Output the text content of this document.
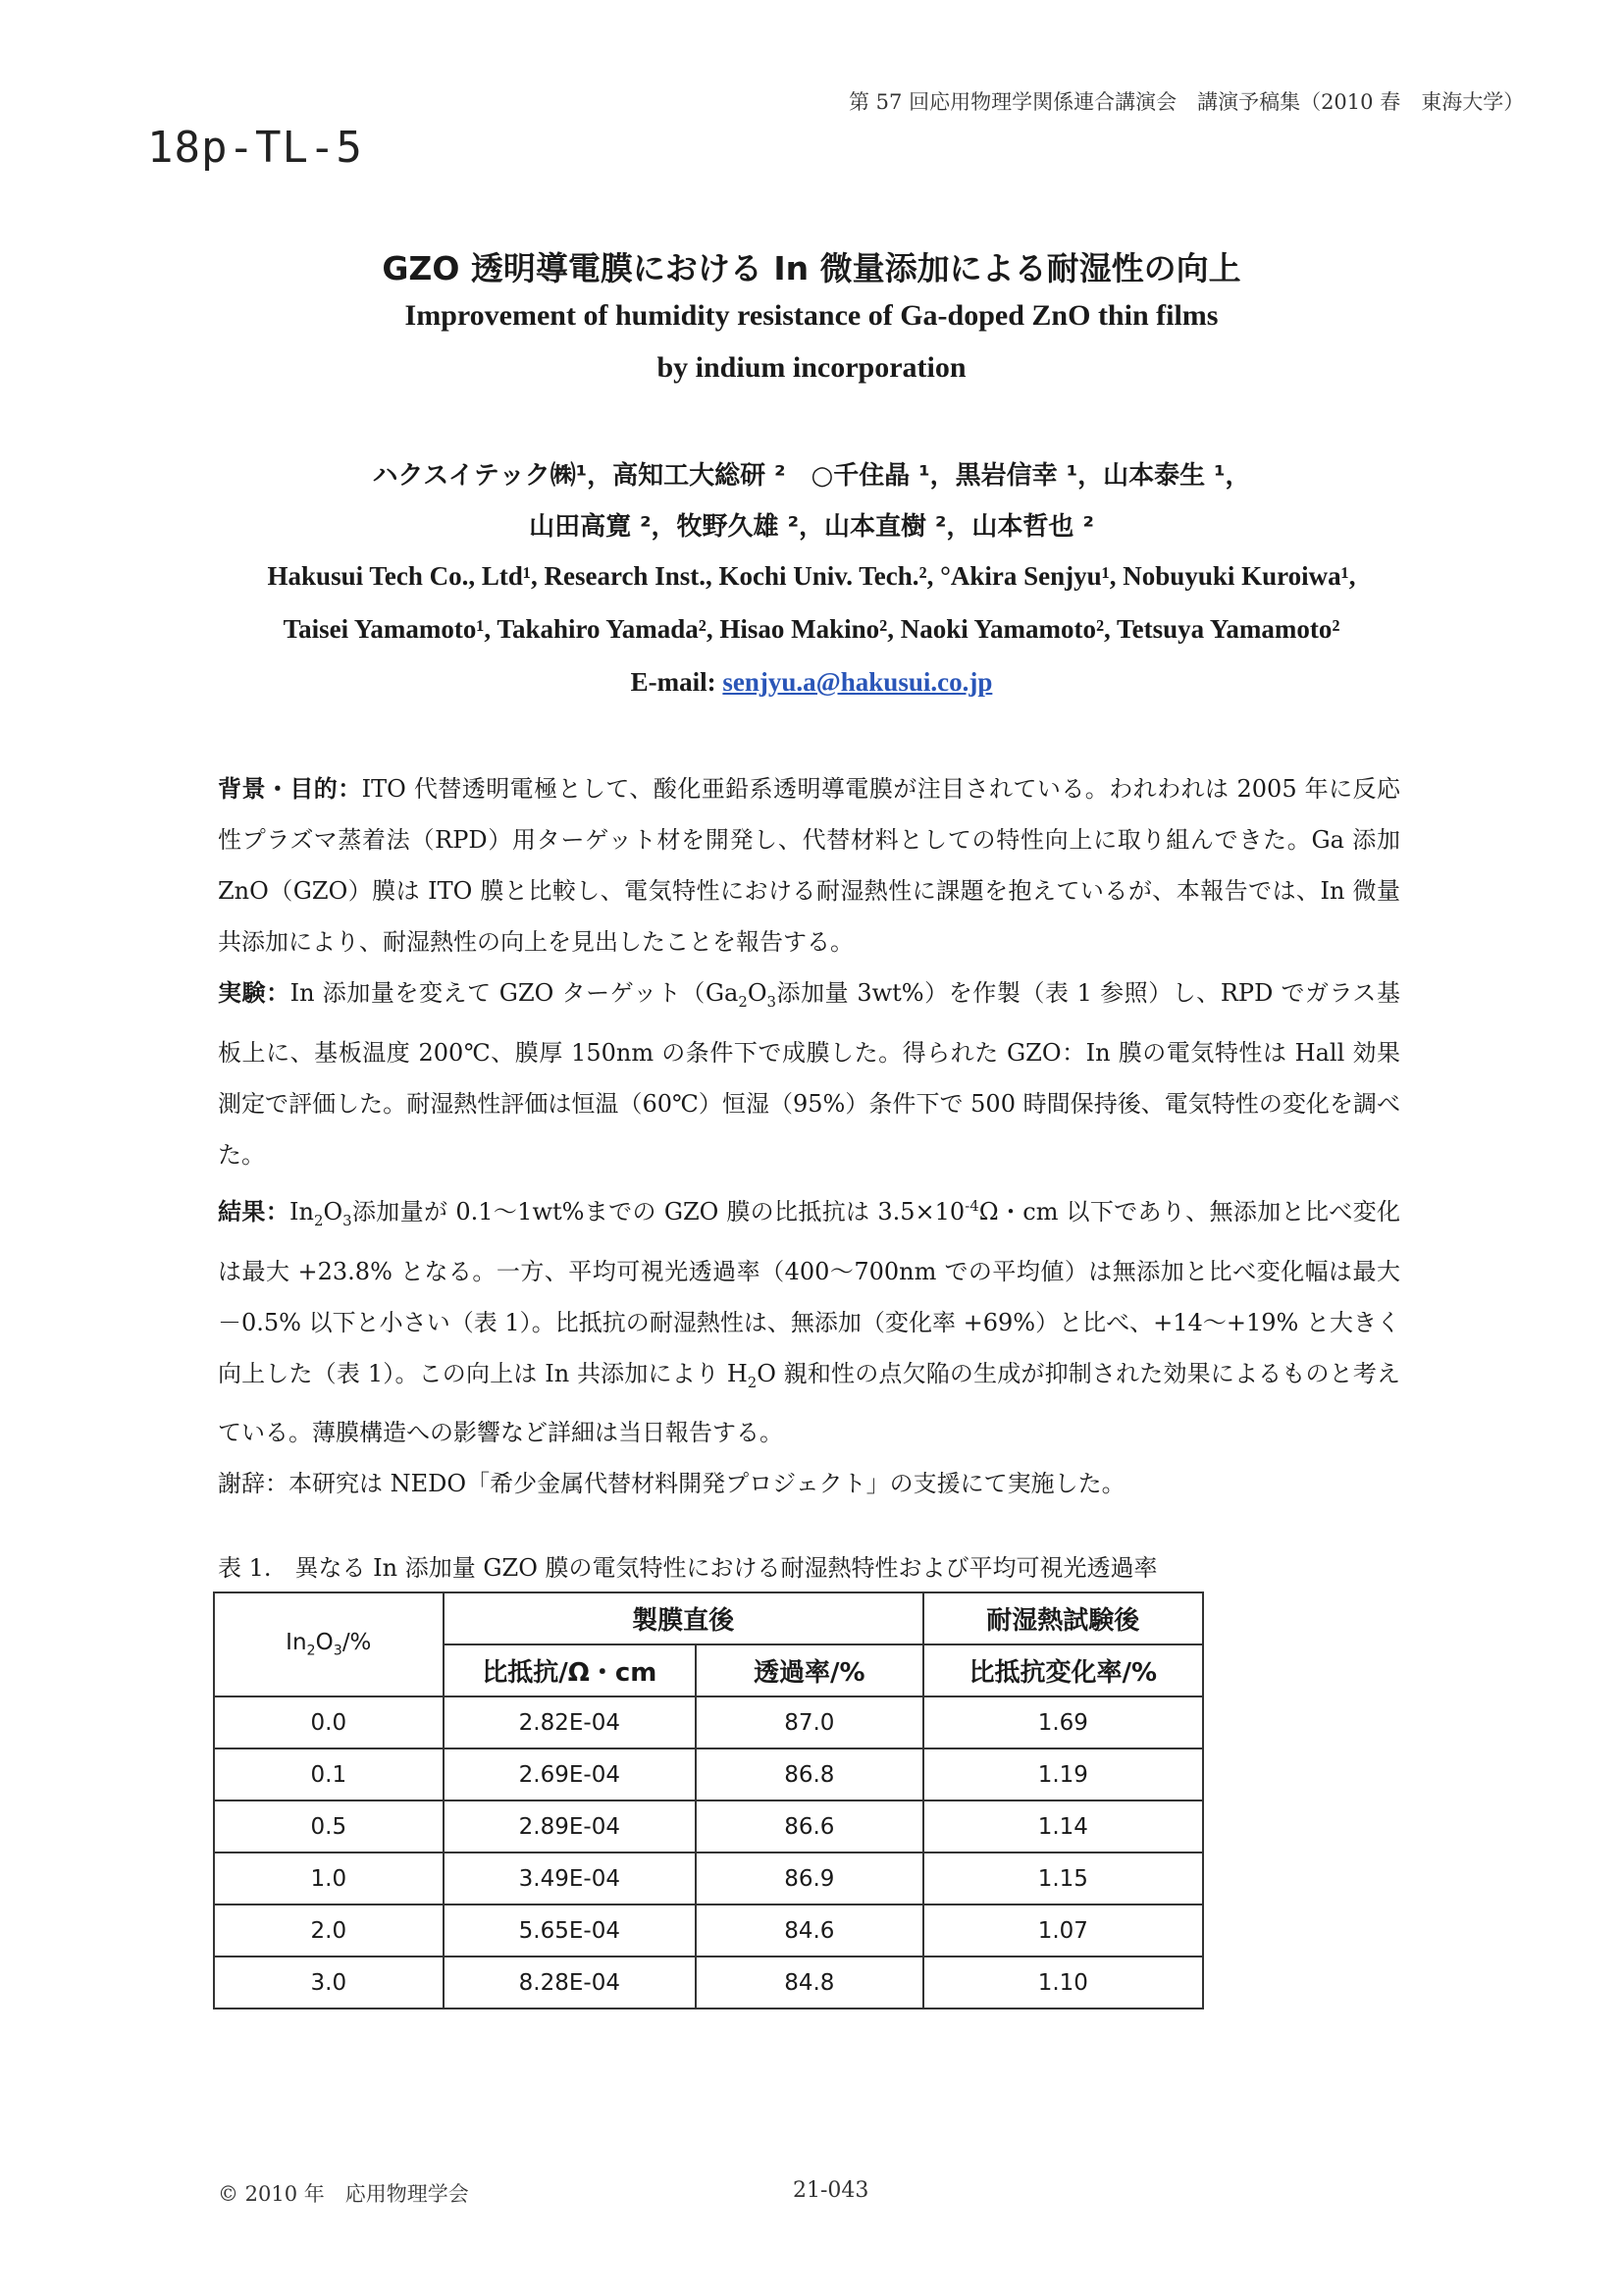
18p-TL-5
第 57 回応用物理学関係連合講演会　講演予稿集（2010 春　東海大学）
GZO 透明導電膜における In 微量添加による耐湿性の向上
Improvement of humidity resistance of Ga-doped ZnO thin films
by indium incorporation
ハクスイテック㈱¹，高知工大総研 ²　○千住晶 ¹，黒岩信幸 ¹，山本泰生 ¹，
山田高寛 ²，牧野久雄 ²，山本直樹 ²，山本哲也 ²
Hakusui Tech Co., Ltd¹, Research Inst., Kochi Univ. Tech.², °Akira Senjyu¹, Nobuyuki Kuroiwa¹,
Taisei Yamamoto¹, Takahiro Yamada², Hisao Makino², Naoki Yamamoto², Tetsuya Yamamoto²
E-mail: senjyu.a@hakusui.co.jp

背景・目的：ITO 代替透明電極として、酸化亜鉛系透明導電膜が注目されている。われわれは 2005 年に反応性プラズマ蒸着法（RPD）用ターゲット材を開発し、代替材料としての特性向上に取り組んできた。Ga 添加 ZnO（GZO）膜は ITO 膜と比較し、電気特性における耐湿熱性に課題を抱えているが、本報告では、In 微量共添加により、耐湿熱性の向上を見出したことを報告する。

実験：In 添加量を変えて GZO ターゲット（$Ga_2O_3$添加量 3wt%）を作製（表 1 参照）し、RPD でガラス基板上に、基板温度 200℃、膜厚 150nm の条件下で成膜した。得られた GZO：In 膜の電気特性は Hall 効果測定で評価した。耐湿熱性評価は恒温（60℃）恒湿（95%）条件下で 500 時間保持後、電気特性の変化を調べた。

結果：$In_2O_3$添加量が 0.1～1wt%までの GZO 膜の比抵抗は $3.5\times 10^{-4}\Omega$・cm 以下であり、無添加と比べ変化は最大 +23.8% となる。一方、平均可視光透過率（400～700nm での平均値）は無添加と比べ変化幅は最大 －0.5% 以下と小さい（表 1）。比抵抗の耐湿熱性は、無添加（変化率 +69%）と比べ、+14～+19% と大きく向上した（表 1）。この向上は In 共添加により $H_2O$ 親和性の点欠陥の生成が抑制された効果によるものと考えている。薄膜構造への影響など詳細は当日報告する。

謝辞：本研究は NEDO「希少金属代替材料開発プロジェクト」の支援にて実施した。

表 1.　異なる In 添加量 GZO 膜の電気特性における耐湿熱特性および平均可視光透過率
$In_2O_3/\%$	製膜直後		耐湿熱試験後
	比抵抗/Ω・cm	透過率/%	比抵抗変化率/%
0.0	2.82E-04	87.0	1.69
0.1	2.69E-04	86.8	1.19
0.5	2.89E-04	86.6	1.14
1.0	3.49E-04	86.9	1.15
2.0	5.65E-04	84.6	1.07
3.0	8.28E-04	84.8	1.10
© 2010 年　応用物理学会	21-043
